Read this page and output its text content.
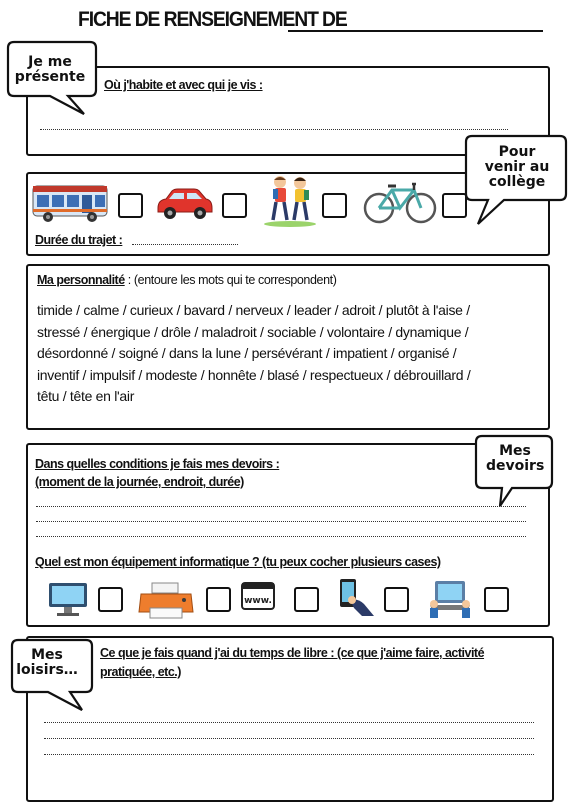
FICHE DE RENSEIGNEMENT DE
Où j'habite et avec qui je vis :
Je me présente
Durée du trajet :
Pour venir au collège
Ma personnalité : (entoure les mots qui te correspondent)
timide / calme / curieux / bavard / nerveux / leader / adroit / plutôt à l'aise /
stressé / énergique / drôle / maladroit / sociable / volontaire / dynamique /
désordonné / soigné / dans la lune / persévérant / impatient / organisé /
inventif / impulsif / modeste / honnête / blasé / respectueux / débrouillard /
têtu / tête en l'air
Dans quelles conditions je fais mes devoirs :
(moment de la journée, endroit, durée)
Quel est mon équipement informatique ? (tu peux cocher plusieurs cases)
www.
Mes devoirs
Ce que je fais quand j'ai du temps de libre : (ce que j'aime faire, activité
pratiquée, etc.)
Mes loisirs…
